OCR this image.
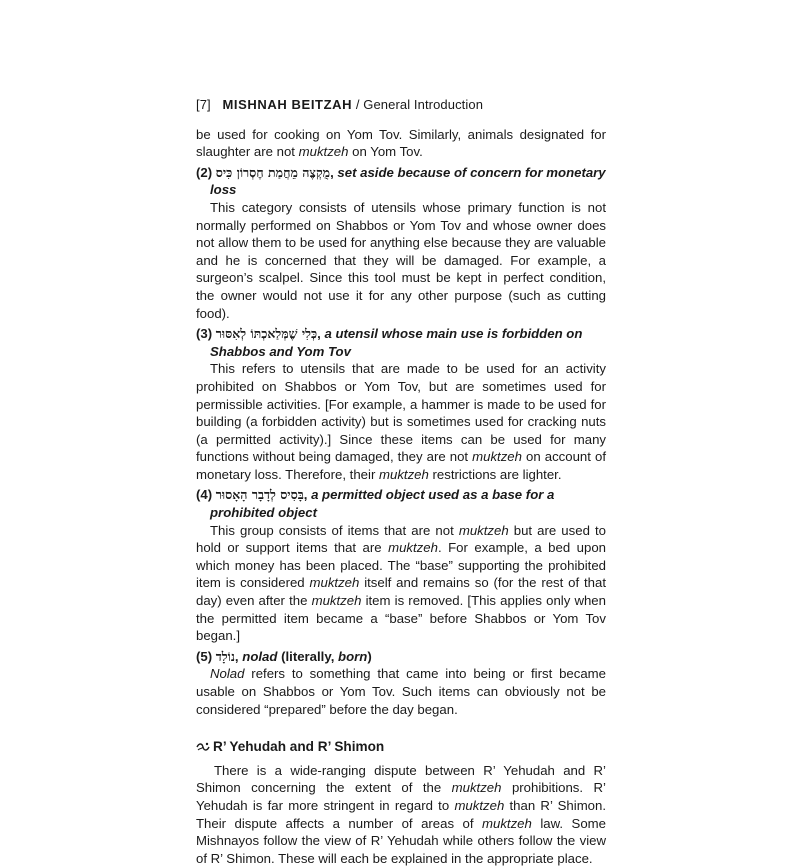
[7] MISHNAH BEITZAH / General Introduction

be used for cooking on Yom Tov. Similarly, animals designated for slaughter are not muktzeh on Yom Tov.

(2) מֻקְצֶה מֵחֲמַת חֶסְרוֹן כִּיס, set aside because of concern for monetary loss

This category consists of utensils whose primary function is not normally performed on Shabbos or Yom Tov and whose owner does not allow them to be used for anything else because they are valuable and he is concerned that they will be damaged. For example, a surgeon’s scalpel. Since this tool must be kept in perfect condition, the owner would not use it for any other purpose (such as cutting food).

(3) כְּלִי שֶׁמְּלַאכְתּוֹ לְאִסּוּר, a utensil whose main use is forbidden on Shabbos and Yom Tov

This refers to utensils that are made to be used for an activity prohibited on Shabbos or Yom Tov, but are sometimes used for permissible activities. [For example, a hammer is made to be used for building (a forbidden activity) but is sometimes used for cracking nuts (a permitted activity).] Since these items can be used for many functions without being damaged, they are not muktzeh on account of monetary loss. Therefore, their muktzeh restrictions are lighter.

(4) בָּסִיס לְדָבָר הָאָסוּר, a permitted object used as a base for a prohibited object

This group consists of items that are not muktzeh but are used to hold or support items that are muktzeh. For example, a bed upon which money has been placed. The “base” supporting the prohibited item is considered muktzeh itself and remains so (for the rest of that day) even after the muktzeh item is removed. [This applies only when the permitted item became a “base” before Shabbos or Yom Tov began.]

(5) נוֹלָד, nolad (literally, born)

Nolad refers to something that came into being or first became usable on Shabbos or Yom Tov. Such items can obviously not be considered “prepared” before the day began.

R’ Yehudah and R’ Shimon

There is a wide-ranging dispute between R’ Yehudah and R’ Shimon concerning the extent of the muktzeh prohibitions. R’ Yehudah is far more stringent in regard to muktzeh than R’ Shimon. Their dispute affects a number of areas of muktzeh law. Some Mishnayos follow the view of R’ Yehudah while others follow the view of R’ Shimon. These will each be explained in the appropriate place.
